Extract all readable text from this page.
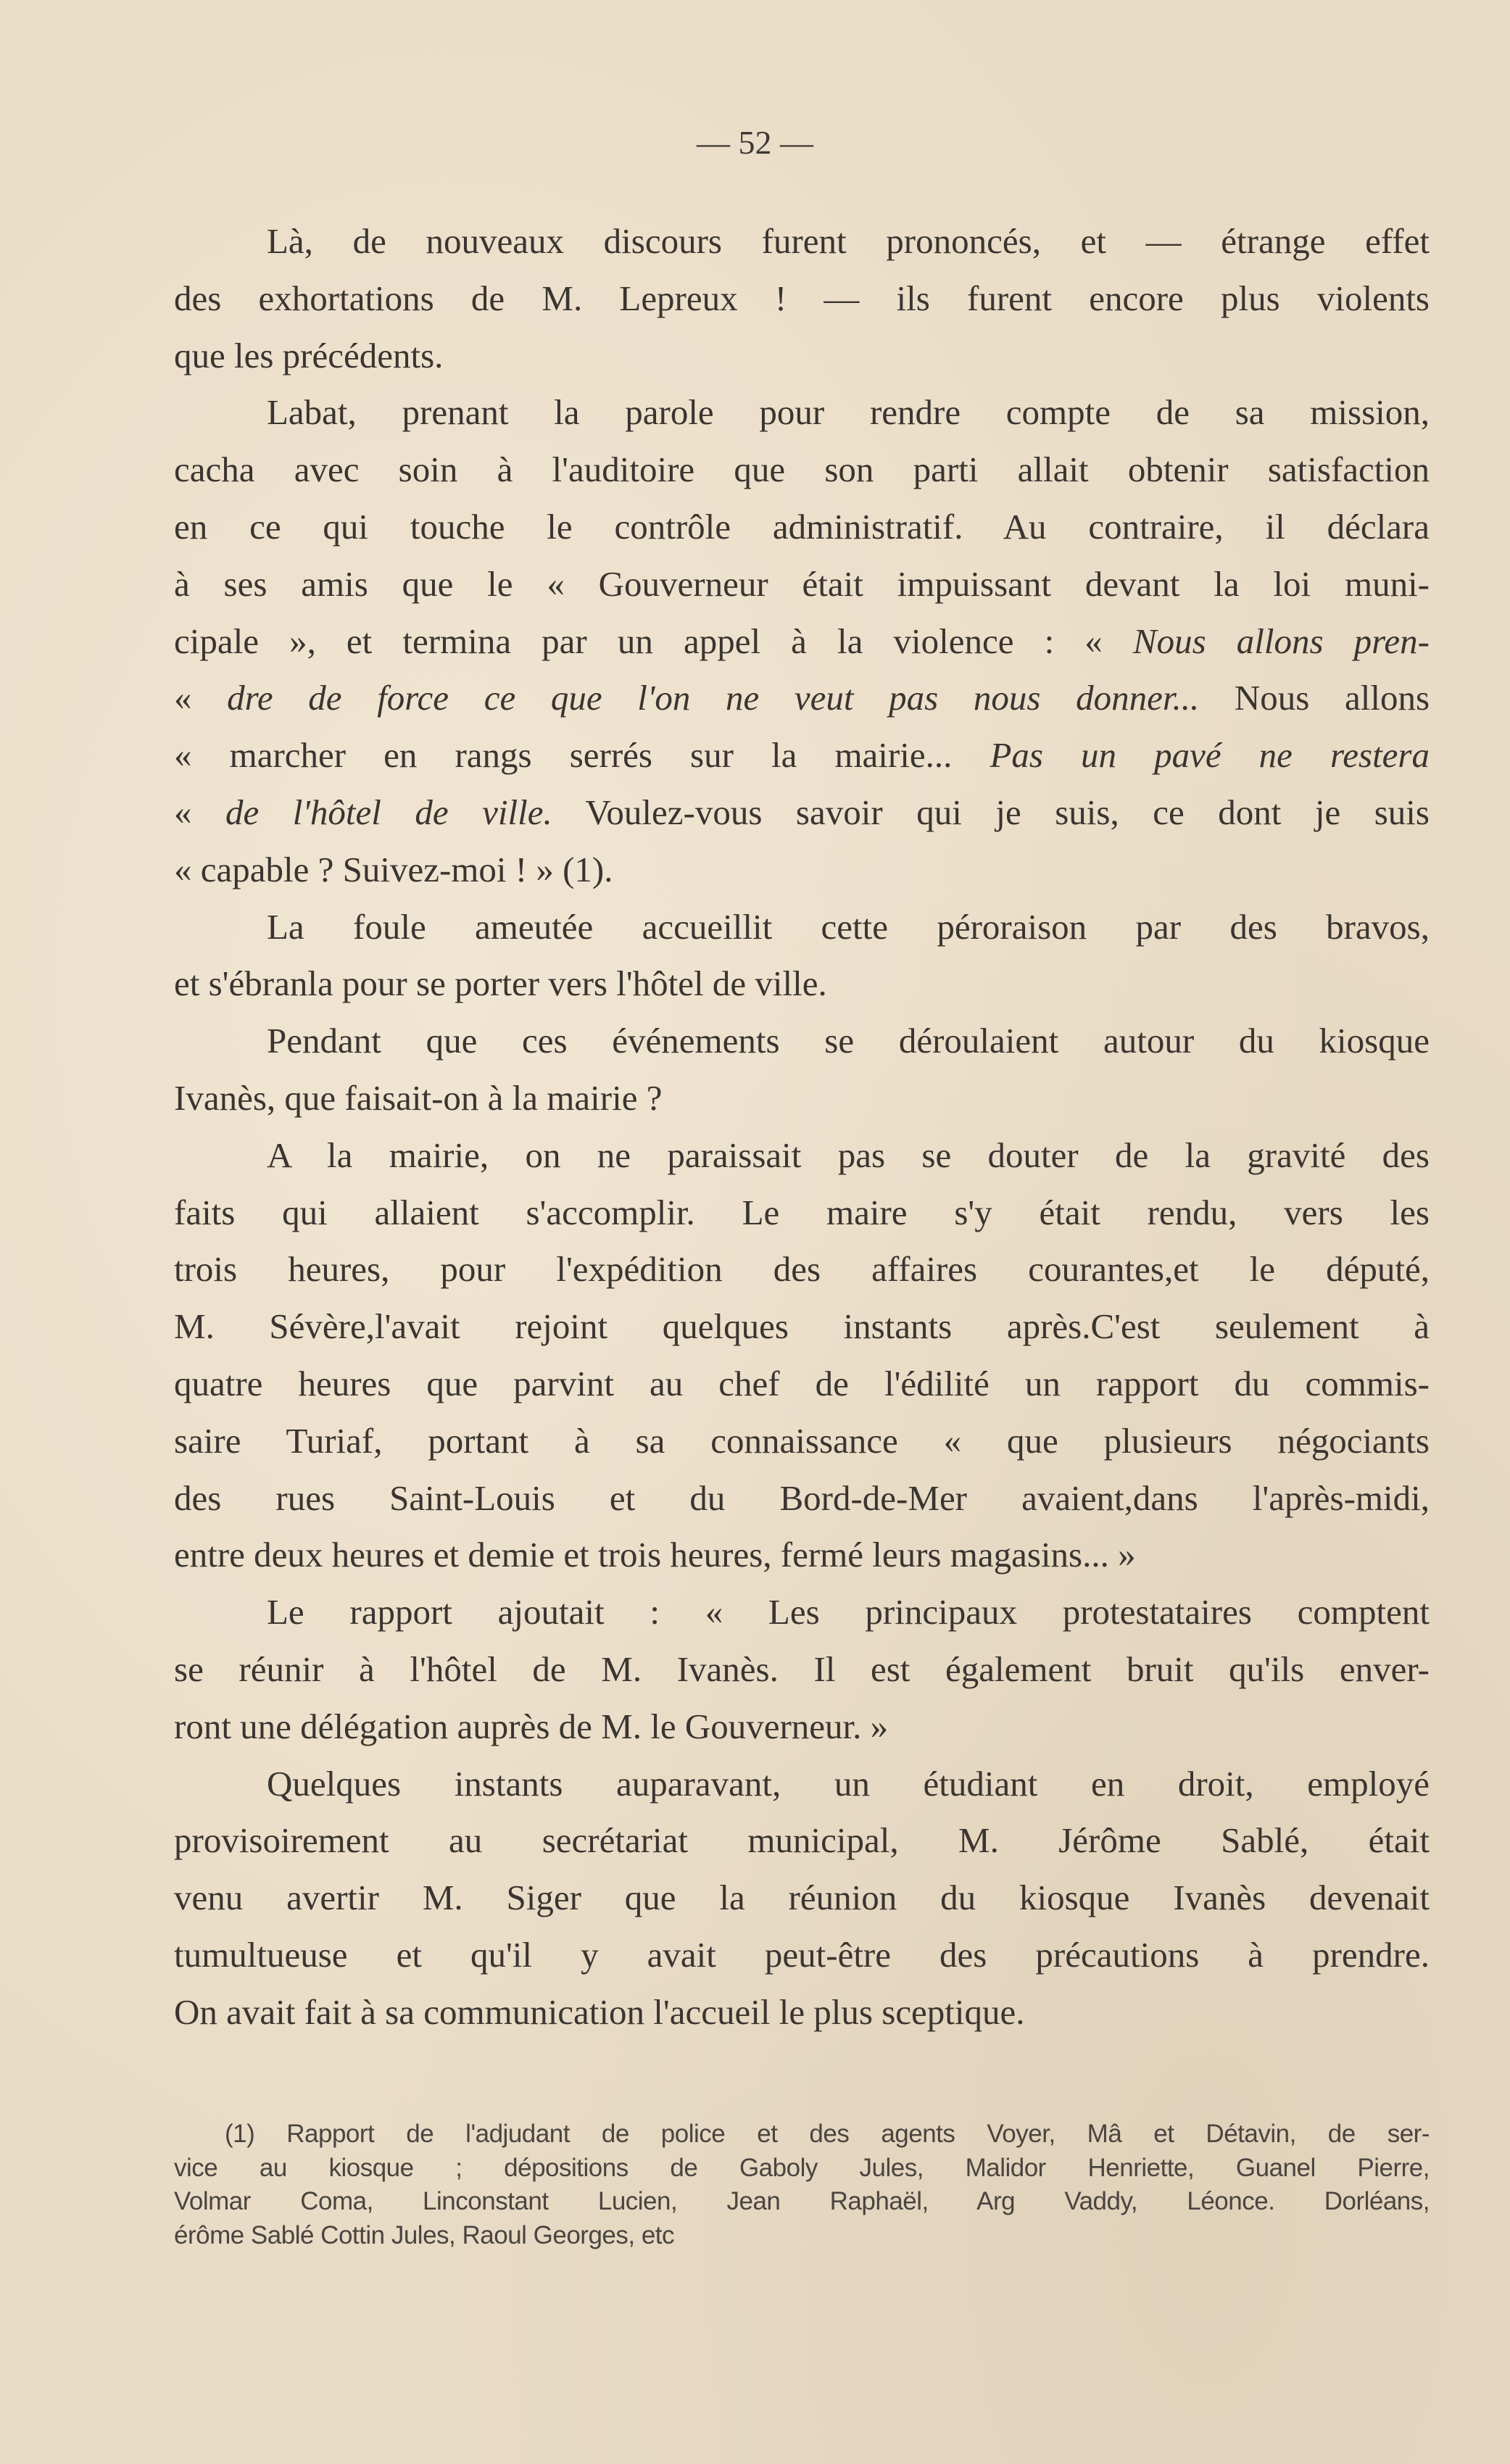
— 52 —
Là, de nouveaux discours furent prononcés, et — étrange effet
des exhortations de M. Lepreux ! — ils furent encore plus violents
que les précédents.
Labat, prenant la parole pour rendre compte de sa mission,
cacha avec soin à l'auditoire que son parti allait obtenir satisfaction
en ce qui touche le contrôle administratif. Au contraire, il déclara
à ses amis que le « Gouverneur était impuissant devant la loi muni-
cipale », et termina par un appel à la violence : « Nous allons pren-
« dre de force ce que l'on ne veut pas nous donner... Nous allons
« marcher en rangs serrés sur la mairie... Pas un pavé ne restera
« de l'hôtel de ville. Voulez-vous savoir qui je suis, ce dont je suis
« capable ? Suivez-moi ! » (1).
La foule ameutée accueillit cette péroraison par des bravos,
et s'ébranla pour se porter vers l'hôtel de ville.
Pendant que ces événements se déroulaient autour du kiosque
Ivanès, que faisait-on à la mairie ?
A la mairie, on ne paraissait pas se douter de la gravité des
faits qui allaient s'accomplir. Le maire s'y était rendu, vers les
trois heures, pour l'expédition des affaires courantes,et le député,
M. Sévère,l'avait rejoint quelques instants après.C'est seulement à
quatre heures que parvint au chef de l'édilité un rapport du commis-
saire Turiaf, portant à sa connaissance « que plusieurs négociants
des rues Saint-Louis et du Bord-de-Mer avaient,dans l'après-midi,
entre deux heures et demie et trois heures, fermé leurs magasins... »
Le rapport ajoutait : « Les principaux protestataires comptent
se réunir à l'hôtel de M. Ivanès. Il est également bruit qu'ils enver-
ront une délégation auprès de M. le Gouverneur. »
Quelques instants auparavant, un étudiant en droit, employé
provisoirement au secrétariat municipal, M. Jérôme Sablé, était
venu avertir M. Siger que la réunion du kiosque Ivanès devenait
tumultueuse et qu'il y avait peut-être des précautions à prendre.
On avait fait à sa communication l'accueil le plus sceptique.
(1) Rapport de l'adjudant de police et des agents Voyer, Mâ et Détavin, de ser-
vice au kiosque ; dépositions de Gaboly Jules, Malidor Henriette, Guanel Pierre,
Volmar Coma, Linconstant Lucien, Jean Raphaël, Arg Vaddy, Léonce. Dorléans,
érôme Sablé Cottin Jules, Raoul Georges, etc
